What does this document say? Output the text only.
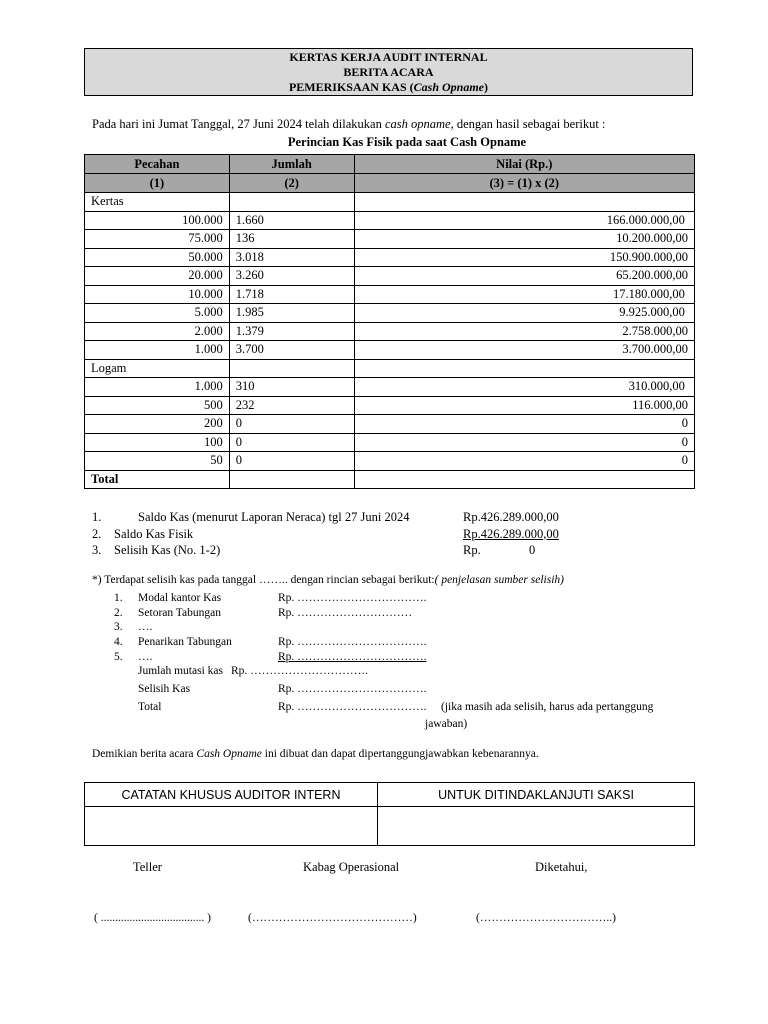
KERTAS KERJA AUDIT INTERNAL
BERITA ACARA
PEMERIKSAAN KAS (Cash Opname)
Pada hari ini Jumat Tanggal, 27 Juni 2024 telah dilakukan cash opname, dengan hasil sebagai berikut :
Perincian Kas Fisik pada saat Cash Opname
Pecahan	Jumlah	Nilai (Rp.)
(1)	(2)	(3) = (1) x (2)
Kertas		
100.000	1.660	166.000.000,00
75.000	136	10.200.000,00
50.000	3.018	150.900.000,00
20.000	3.260	65.200.000,00
10.000	1.718	17.180.000,00
5.000	1.985	9.925.000,00
2.000	1.379	2.758.000,00
1.000	3.700	3.700.000,00
Logam		
1.000	310	310.000,00
500	232	116.000,00
200	0	0
100	0	0
50	0	0
Total		
1.	Saldo Kas (menurut Laporan Neraca) tgl 27 Juni 2024	Rp.426.289.000,00
2. Saldo Kas Fisik	Rp.426.289.000,00
3. Selisih Kas (No. 1-2)	Rp.	0
*) Terdapat selisih kas pada tanggal …….. dengan rincian sebagai berikut:( penjelasan sumber selisih)
1. Modal kantor Kas	Rp. …………………………….
2. Setoran Tabungan	Rp. …………………………
3. ….
4. Penarikan Tabungan	Rp. …………………………….
5. ….	Rp. …………………………….
Jumlah mutasi kas Rp. ………………………….
Selisih Kas	Rp. …………………………….
Total	Rp. ……………………………. (jika masih ada selisih, harus ada pertanggung
jawaban)
Demikian berita acara Cash Opname ini dibuat dan dapat dipertanggungjawabkan kebenarannya.
CATATAN KHUSUS AUDITOR INTERN	UNTUK DITINDAKLANJUTI SAKSI

Teller	Kabag Operasional	Diketahui,
( .................................... )	(……………………………………)	(……………………………..)
